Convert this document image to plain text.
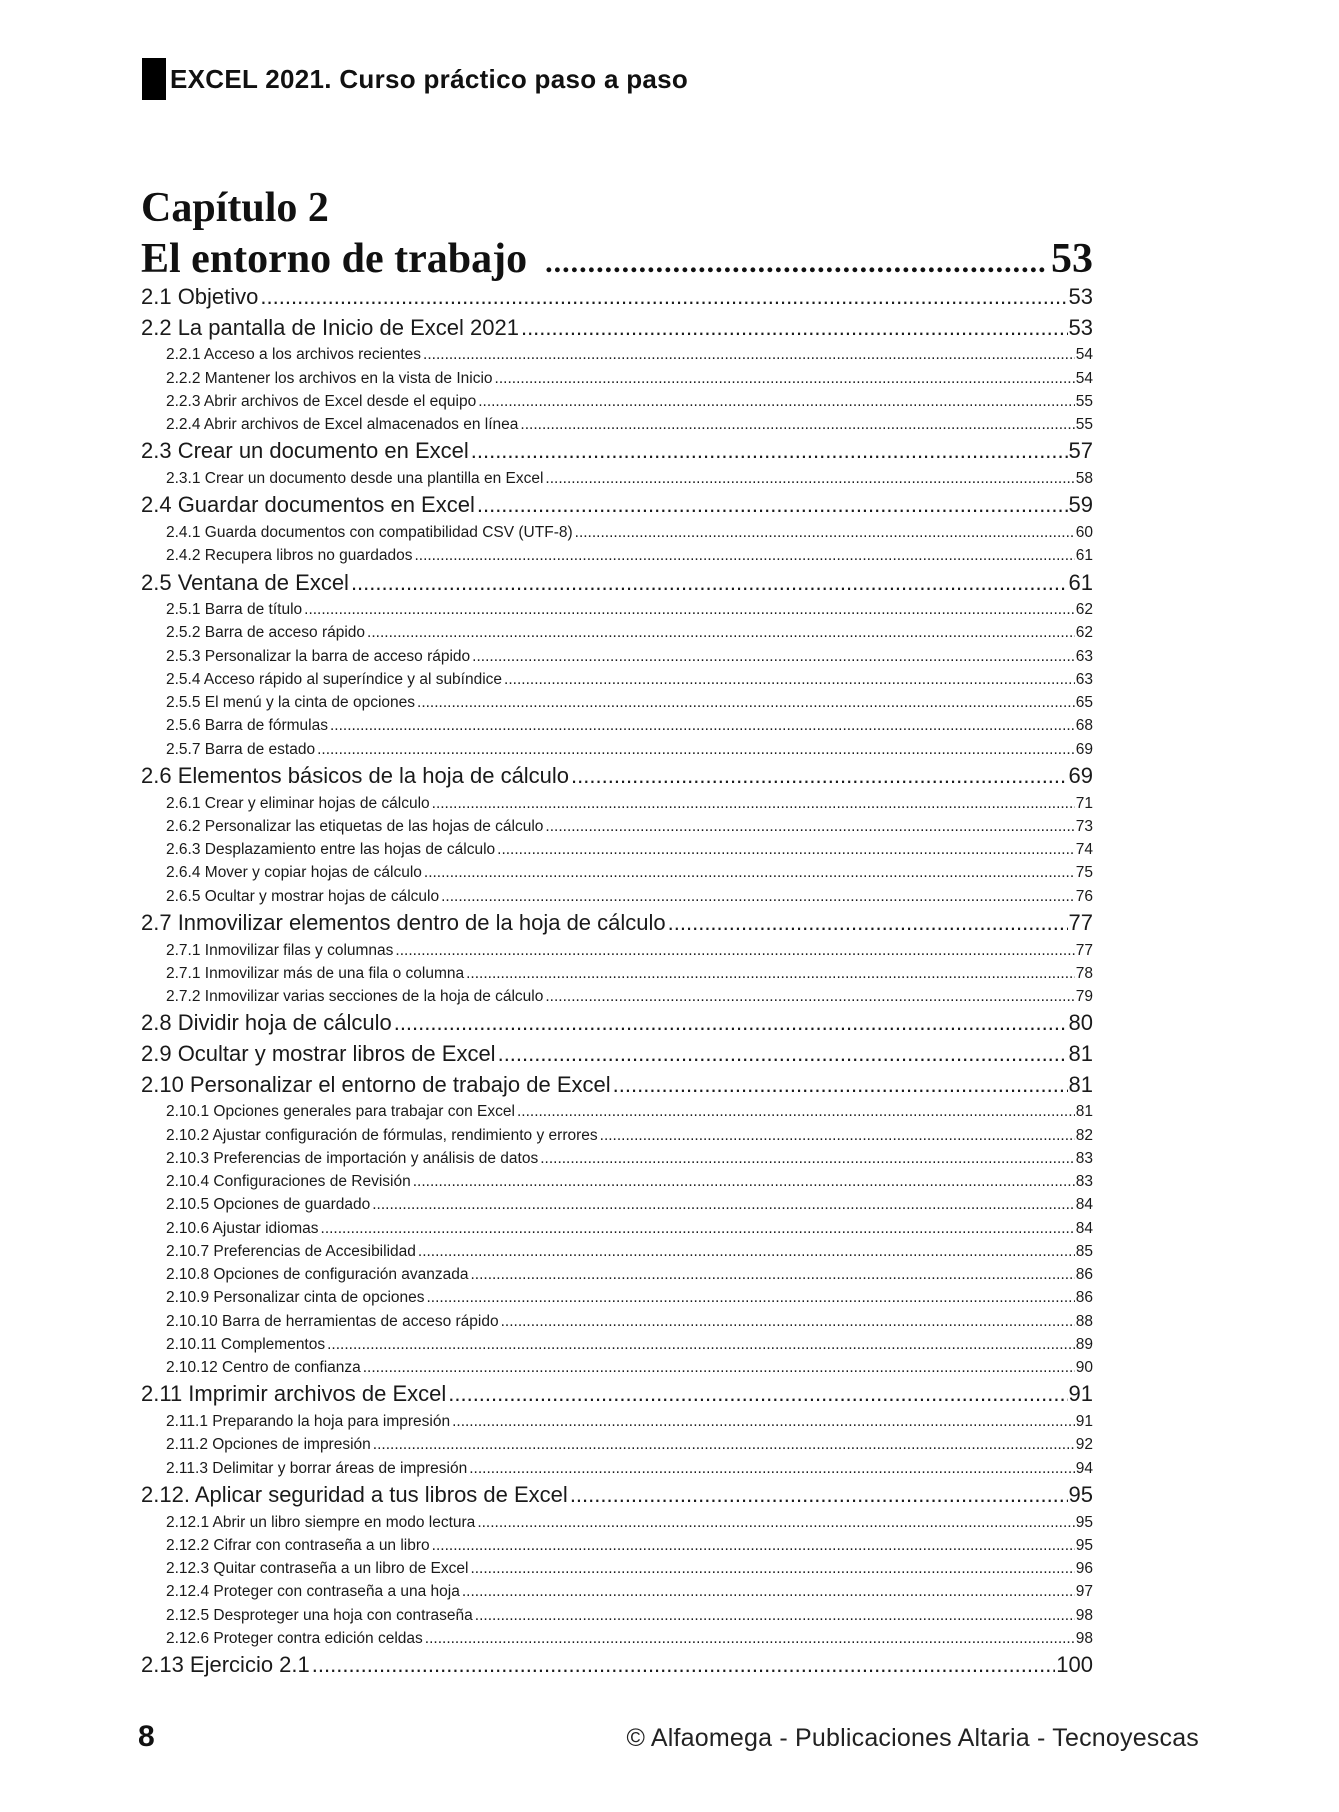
EXCEL 2021. Curso práctico paso a paso
Capítulo 2
El entorno de trabajo .....	53
2.1 Objetivo .....	53
2.2 La pantalla de Inicio de Excel 2021 .....	53
2.2.1 Acceso a los archivos recientes .....	54
2.2.2 Mantener los archivos en la vista de Inicio .....	54
2.2.3 Abrir archivos de Excel desde el equipo .....	55
2.2.4 Abrir archivos de Excel almacenados en línea .....	55
2.3 Crear un documento en Excel .....	57
2.3.1 Crear un documento desde una plantilla en Excel .....	58
2.4 Guardar documentos en Excel .....	59
2.4.1 Guarda documentos con compatibilidad CSV (UTF-8) .....	60
2.4.2 Recupera libros no guardados .....	61
2.5 Ventana de Excel .....	61
2.5.1 Barra de título .....	62
2.5.2 Barra de acceso rápido .....	62
2.5.3 Personalizar la barra de acceso rápido .....	63
2.5.4 Acceso rápido al superíndice y al subíndice .....	63
2.5.5 El menú y la cinta de opciones .....	65
2.5.6 Barra de fórmulas .....	68
2.5.7 Barra de estado .....	69
2.6 Elementos básicos de la hoja de cálculo .....	69
2.6.1 Crear y eliminar hojas de cálculo .....	71
2.6.2 Personalizar las etiquetas de las hojas de cálculo .....	73
2.6.3 Desplazamiento entre las hojas de cálculo .....	74
2.6.4 Mover y copiar hojas de cálculo .....	75
2.6.5 Ocultar y mostrar hojas de cálculo .....	76
2.7 Inmovilizar elementos dentro de la hoja de cálculo .....	77
2.7.1 Inmovilizar filas y columnas .....	77
2.7.1 Inmovilizar más de una fila o columna .....	78
2.7.2 Inmovilizar varias secciones de la hoja de cálculo .....	79
2.8 Dividir hoja de cálculo .....	80
2.9 Ocultar y mostrar libros de Excel .....	81
2.10 Personalizar el entorno de trabajo de Excel .....	81
2.10.1 Opciones generales para trabajar con Excel .....	81
2.10.2 Ajustar configuración de fórmulas, rendimiento y errores .....	82
2.10.3 Preferencias de importación y análisis de datos .....	83
2.10.4 Configuraciones de Revisión .....	83
2.10.5 Opciones de guardado .....	84
2.10.6 Ajustar idiomas .....	84
2.10.7 Preferencias de Accesibilidad .....	85
2.10.8 Opciones de configuración avanzada .....	86
2.10.9 Personalizar cinta de opciones .....	86
2.10.10 Barra de herramientas de acceso rápido .....	88
2.10.11 Complementos .....	89
2.10.12 Centro de confianza .....	90
2.11 Imprimir archivos de Excel .....	91
2.11.1 Preparando la hoja para impresión .....	91
2.11.2 Opciones de impresión .....	92
2.11.3 Delimitar y borrar áreas de impresión .....	94
2.12. Aplicar seguridad a tus libros de Excel .....	95
2.12.1 Abrir un libro siempre en modo lectura .....	95
2.12.2 Cifrar con contraseña a un libro .....	95
2.12.3 Quitar contraseña a un libro de Excel .....	96
2.12.4 Proteger con contraseña a una hoja .....	97
2.12.5 Desproteger una hoja con contraseña .....	98
2.12.6 Proteger contra edición celdas .....	98
2.13 Ejercicio 2.1 .....	100
8	© Alfaomega - Publicaciones Altaria - Tecnoyescas
